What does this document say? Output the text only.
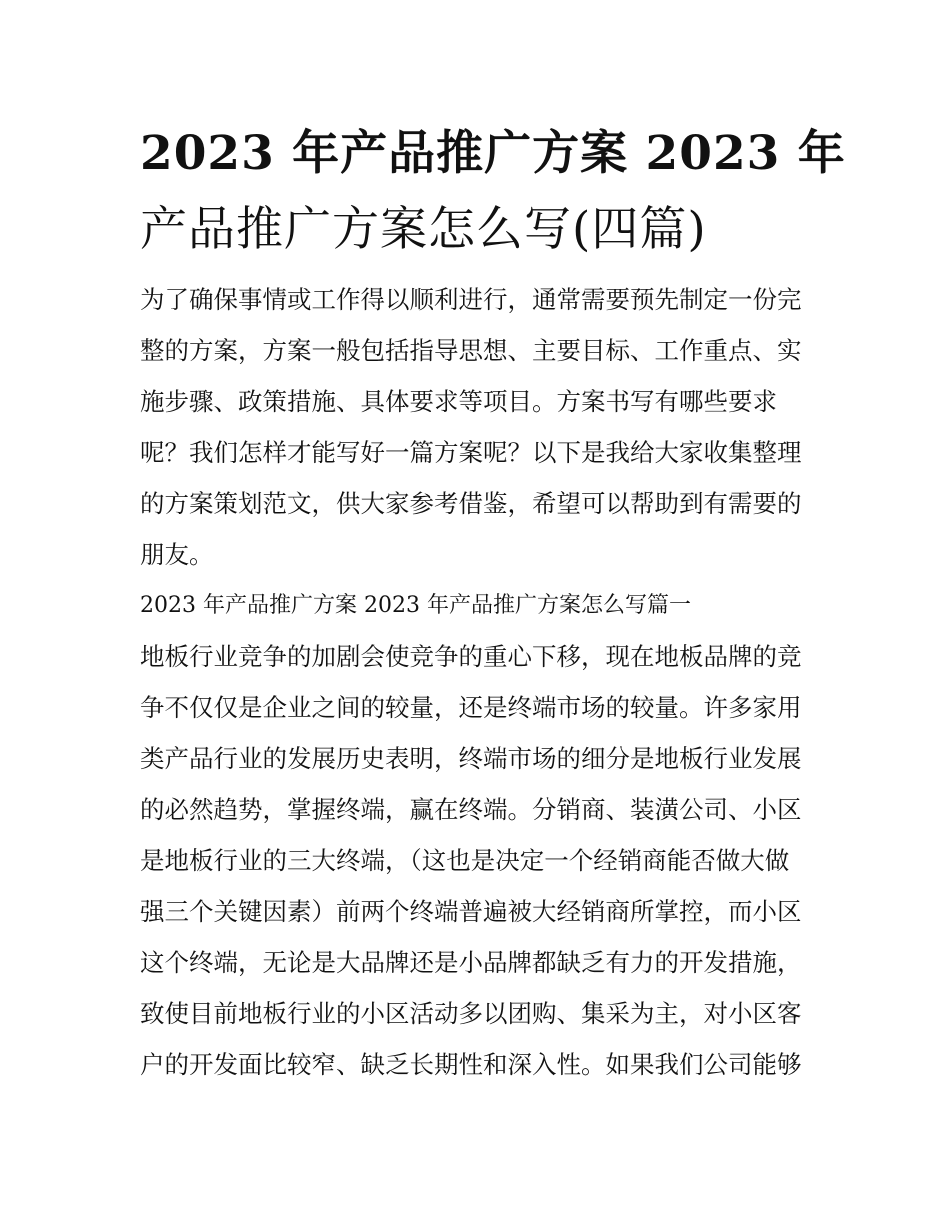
2023 年产品推广方案 2023 年
产品推广方案怎么写(四篇)
为了确保事情或工作得以顺利进行，通常需要预先制定一份完
整的方案，方案一般包括指导思想、主要目标、工作重点、实
施步骤、政策措施、具体要求等项目。方案书写有哪些要求
呢？我们怎样才能写好一篇方案呢？以下是我给大家收集整理
的方案策划范文，供大家参考借鉴，希望可以帮助到有需要的
朋友。
2023 年产品推广方案 2023 年产品推广方案怎么写篇一
地板行业竞争的加剧会使竞争的重心下移，现在地板品牌的竞
争不仅仅是企业之间的较量，还是终端市场的较量。许多家用
类产品行业的发展历史表明，终端市场的细分是地板行业发展
的必然趋势，掌握终端，赢在终端。分销商、装潢公司、小区
是地板行业的三大终端，（这也是决定一个经销商能否做大做
强三个关键因素）前两个终端普遍被大经销商所掌控，而小区
这个终端，无论是大品牌还是小品牌都缺乏有力的开发措施，
致使目前地板行业的小区活动多以团购、集采为主，对小区客
户的开发面比较窄、缺乏长期性和深入性。如果我们公司能够
